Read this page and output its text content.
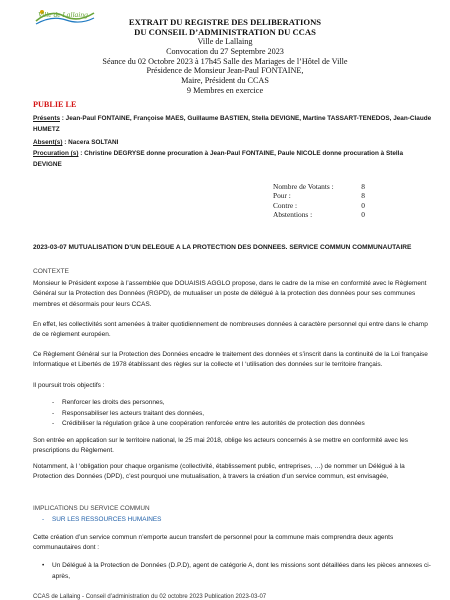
Ville de Lallaing
EXTRAIT DU REGISTRE DES DELIBERATIONS
DU CONSEIL D’ADMINISTRATION DU CCAS
Ville de Lallaing
Convocation du 27 Septembre 2023
Séance du 02 Octobre 2023 à 17h45 Salle des Mariages de l’Hôtel de Ville
Présidence de Monsieur Jean-Paul FONTAINE,
Maire, Président du CCAS
9 Membres en exercice
PUBLIE LE
Présents : Jean-Paul FONTAINE, Françoise MAES, Guillaume BASTIEN, Stella DEVIGNE, Martine TASSART-TENEDOS, Jean-Claude HUMETZ
Absent(s) : Nacera SOLTANI
Procuration (s) : Christine DEGRYSE donne procuration à Jean-Paul FONTAINE, Paule NICOLE donne procuration à Stella DEVIGNE
Nombre de Votants :	8
Pour :	8
Contre :	0
Abstentions :	0
2023-03-07 MUTUALISATION D’UN DELEGUE A LA PROTECTION DES DONNEES. SERVICE COMMUN COMMUNAUTAIRE
CONTEXTE
Monsieur le Président expose à l’assemblée que DOUAISIS AGGLO propose, dans le cadre de la mise en conformité avec le Règlement Général sur la Protection des Données (RGPD), de mutualiser un poste de délégué à la protection des données pour ses communes membres et désormais pour leurs CCAS.
En effet, les collectivités sont amenées à traiter quotidiennement de nombreuses données à caractère personnel qui entre dans le champ de ce règlement européen.
Ce Règlement Général sur la Protection des Données encadre le traitement des données et s’inscrit dans la continuité de la Loi française Informatique et Libertés de 1978 établissant des règles sur la collecte et l ‘utilisation des données sur le territoire français.
Il poursuit trois objectifs :
- Renforcer les droits des personnes,
- Responsabiliser les acteurs traitant des données,
- Crédibiliser la régulation grâce à une coopération renforcée entre les autorités de protection des données
Son entrée en application sur le territoire national, le 25 mai 2018, oblige les acteurs concernés à se mettre en conformité avec les prescriptions du Règlement.
Notamment, à l ‘obligation pour chaque organisme (collectivité, établissement public, entreprises, …) de nommer un Délégué à la Protection des Données (DPD), c’est pourquoi une mutualisation, à travers la création d’un service commun, est envisagée,
IMPLICATIONS DU SERVICE COMMUN
- SUR LES RESSOURCES HUMAINES
Cette création d’un service commun n’emporte aucun transfert de personnel pour la commune mais comprendra deux agents communautaires dont :
• Un Délégué à la Protection de Données (D.P.D), agent de catégorie A, dont les missions sont détaillées dans les pièces annexes ci-après,
CCAS de Lallaing - Conseil d’administration du 02 octobre 2023 Publication 2023-03-07
